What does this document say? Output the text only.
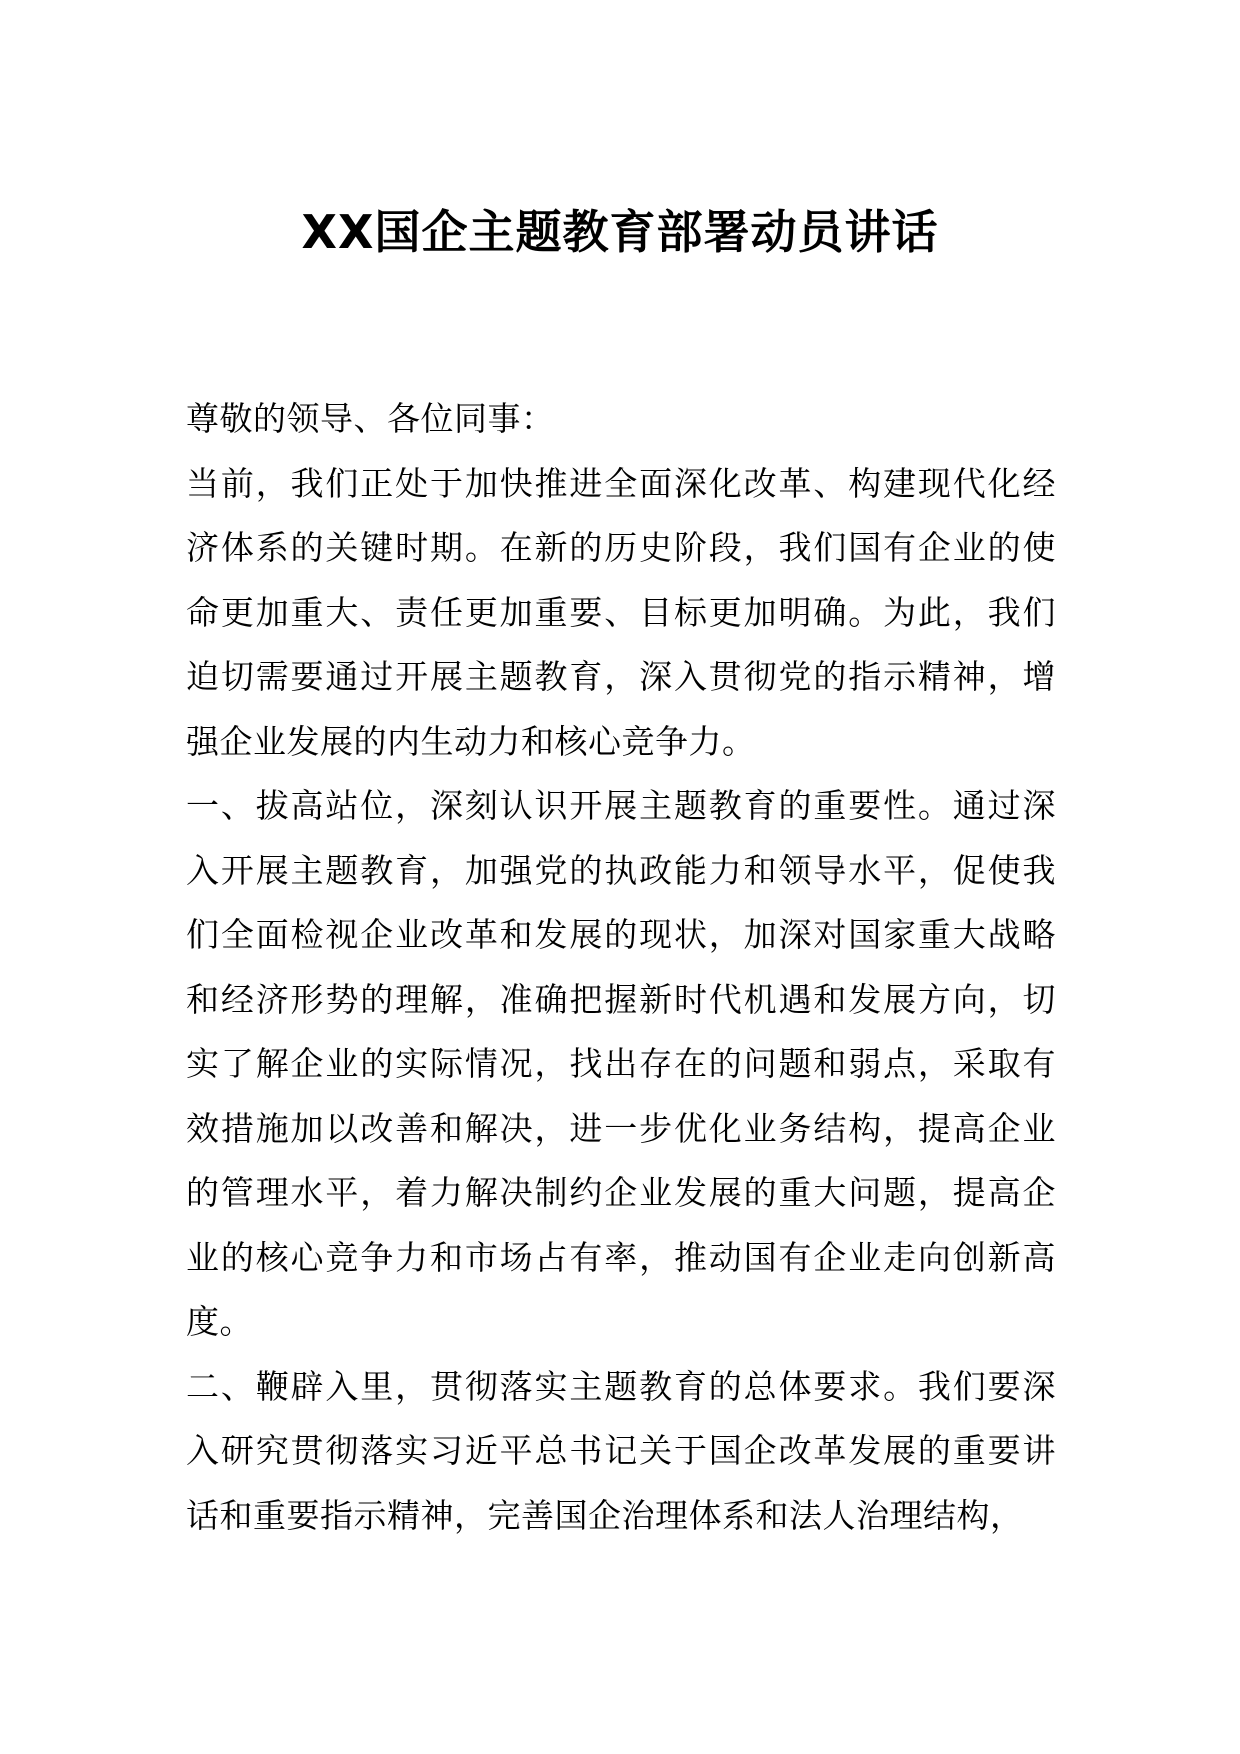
XX国企主题教育部署动员讲话

尊敬的领导、各位同事：

当前，我们正处于加快推进全面深化改革、构建现代化经济体系的关键时期。在新的历史阶段，我们国有企业的使命更加重大、责任更加重要、目标更加明确。为此，我们迫切需要通过开展主题教育，深入贯彻党的指示精神，增强企业发展的内生动力和核心竞争力。

一、拔高站位，深刻认识开展主题教育的重要性。通过深入开展主题教育，加强党的执政能力和领导水平，促使我们全面检视企业改革和发展的现状，加深对国家重大战略和经济形势的理解，准确把握新时代机遇和发展方向，切实了解企业的实际情况，找出存在的问题和弱点，采取有效措施加以改善和解决，进一步优化业务结构，提高企业的管理水平，着力解决制约企业发展的重大问题，提高企业的核心竞争力和市场占有率，推动国有企业走向创新高度。

二、鞭辟入里，贯彻落实主题教育的总体要求。我们要深入研究贯彻落实习近平总书记关于国企改革发展的重要讲话和重要指示精神，完善国企治理体系和法人治理结构，
